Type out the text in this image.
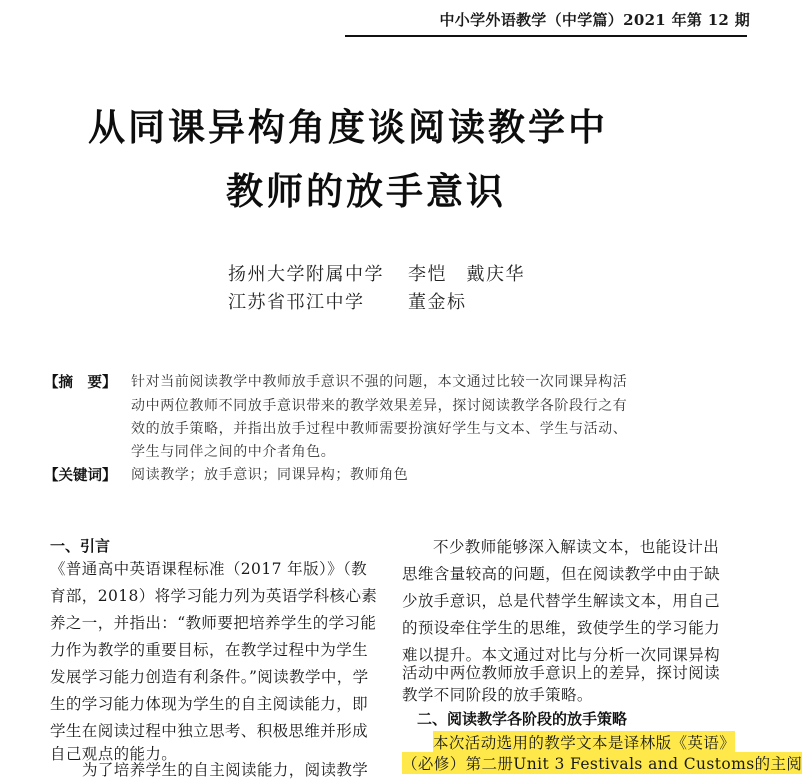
中小学外语教学（中学篇）2021 年第 12 期
从同课异构角度谈阅读教学中
教师的放手意识
扬州大学附属中学 李恺　戴庆华
江苏省邗江中学 董金标
【摘　要】 针对当前阅读教学中教师放手意识不强的问题，本文通过比较一次同课异构活
动中两位教师不同放手意识带来的教学效果差异，探讨阅读教学各阶段行之有
效的放手策略，并指出放手过程中教师需要扮演好学生与文本、学生与活动、
学生与同伴之间的中介者角色。
【关键词】 阅读教学；放手意识；同课异构；教师角色
一、引言
《普通高中英语课程标准（2017 年版）》（教
育部，2018）将学习能力列为英语学科核心素
养之一，并指出：“教师要把培养学生的学习能
力作为教学的重要目标，在教学过程中为学生
发展学习能力创造有利条件。”阅读教学中，学
生的学习能力体现为学生的自主阅读能力，即
学生在阅读过程中独立思考、积极思维并形成
自己观点的能力。
为了培养学生的自主阅读能力，阅读教学
不少教师能够深入解读文本，也能设计出
思维含量较高的问题，但在阅读教学中由于缺
少放手意识，总是代替学生解读文本，用自己
的预设牵住学生的思维，致使学生的学习能力
难以提升。本文通过对比与分析一次同课异构
活动中两位教师放手意识上的差异，探讨阅读
教学不同阶段的放手策略。
二、阅读教学各阶段的放手策略
本次活动选用的教学文本是译林版《英语》
（必修）第二册Unit 3 Festivals and Customs的主阅
